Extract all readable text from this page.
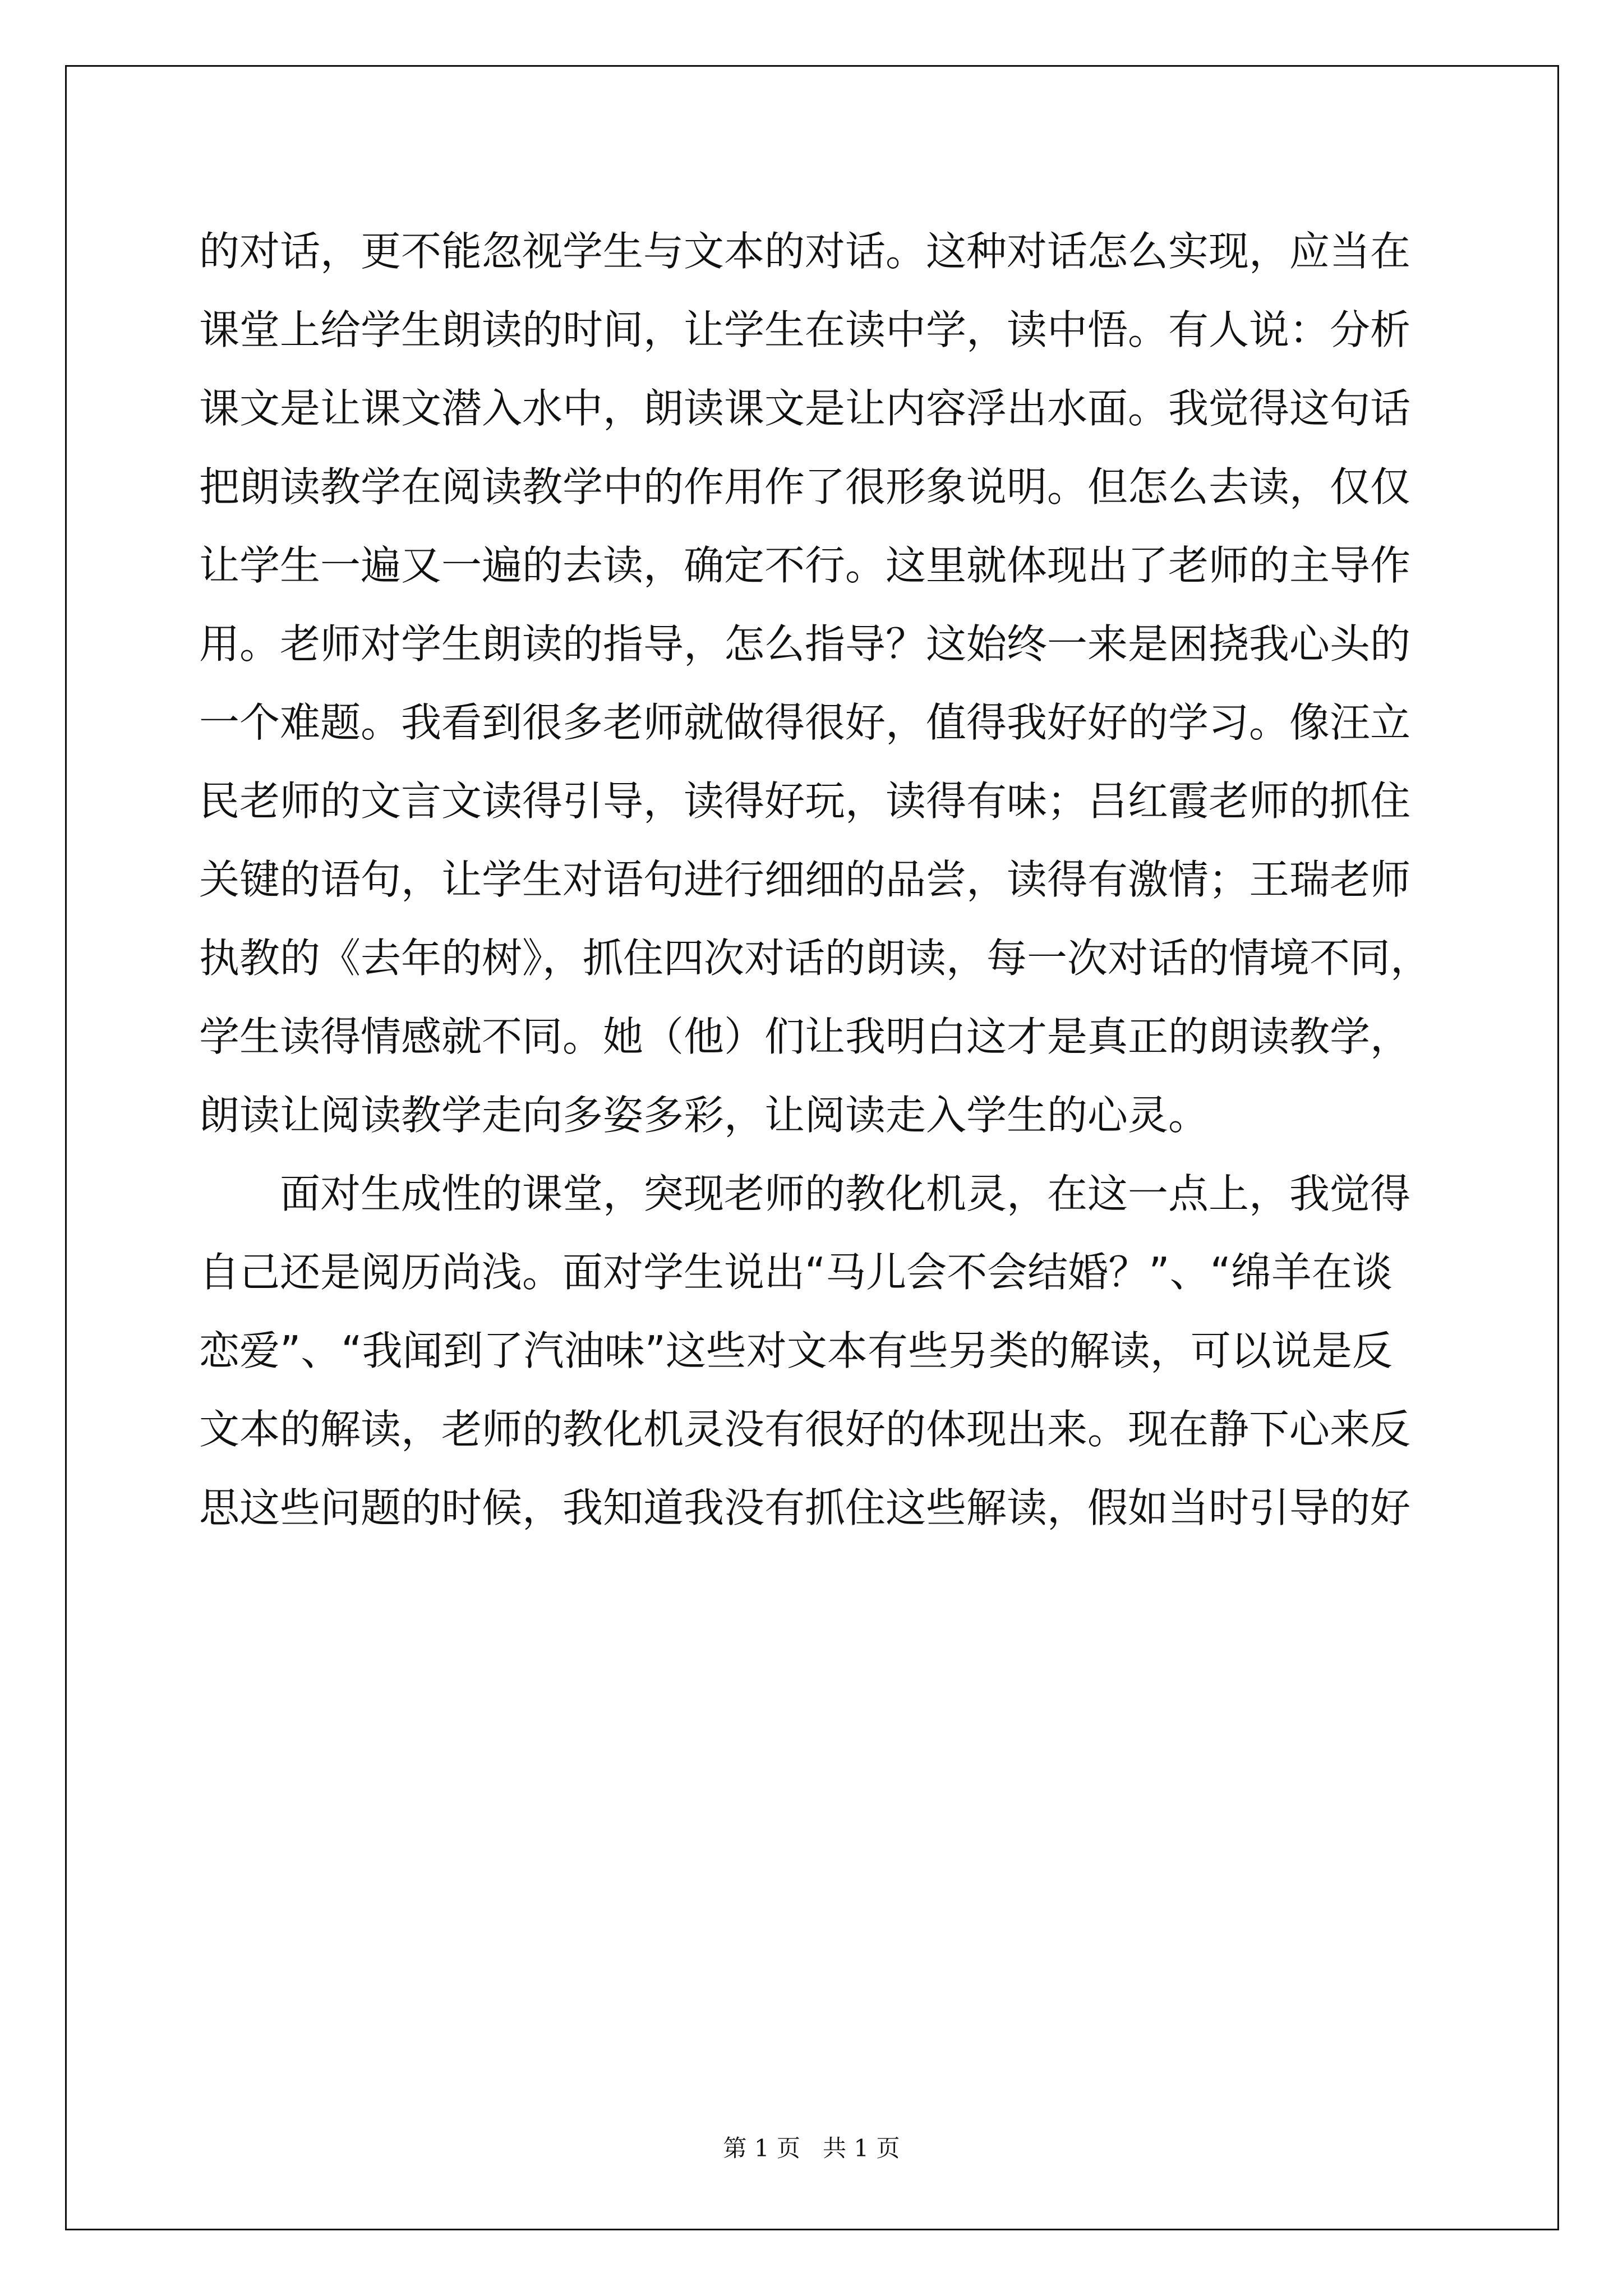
的对话，更不能忽视学生与文本的对话。这种对话怎么实现，应当在
课堂上给学生朗读的时间，让学生在读中学，读中悟。有人说：分析
课文是让课文潜入水中，朗读课文是让内容浮出水面。我觉得这句话
把朗读教学在阅读教学中的作用作了很形象说明。但怎么去读，仅仅
让学生一遍又一遍的去读，确定不行。这里就体现出了老师的主导作
用。老师对学生朗读的指导，怎么指导？这始终一来是困挠我心头的
一个难题。我看到很多老师就做得很好，值得我好好的学习。像汪立
民老师的文言文读得引导，读得好玩，读得有味；吕红霞老师的抓住
关键的语句，让学生对语句进行细细的品尝，读得有激情；王瑞老师
执教的《去年的树》，抓住四次对话的朗读，每一次对话的情境不同，
学生读得情感就不同。她（他）们让我明白这才是真正的朗读教学，
朗读让阅读教学走向多姿多彩，让阅读走入学生的心灵。
面对生成性的课堂，突现老师的教化机灵，在这一点上，我觉得
自己还是阅历尚浅。面对学生说出“马儿会不会结婚？”、“绵羊在谈
恋爱”、“我闻到了汽油味”这些对文本有些另类的解读，可以说是反
文本的解读，老师的教化机灵没有很好的体现出来。现在静下心来反
思这些问题的时候，我知道我没有抓住这些解读，假如当时引导的好
第 1 页   共 1 页
